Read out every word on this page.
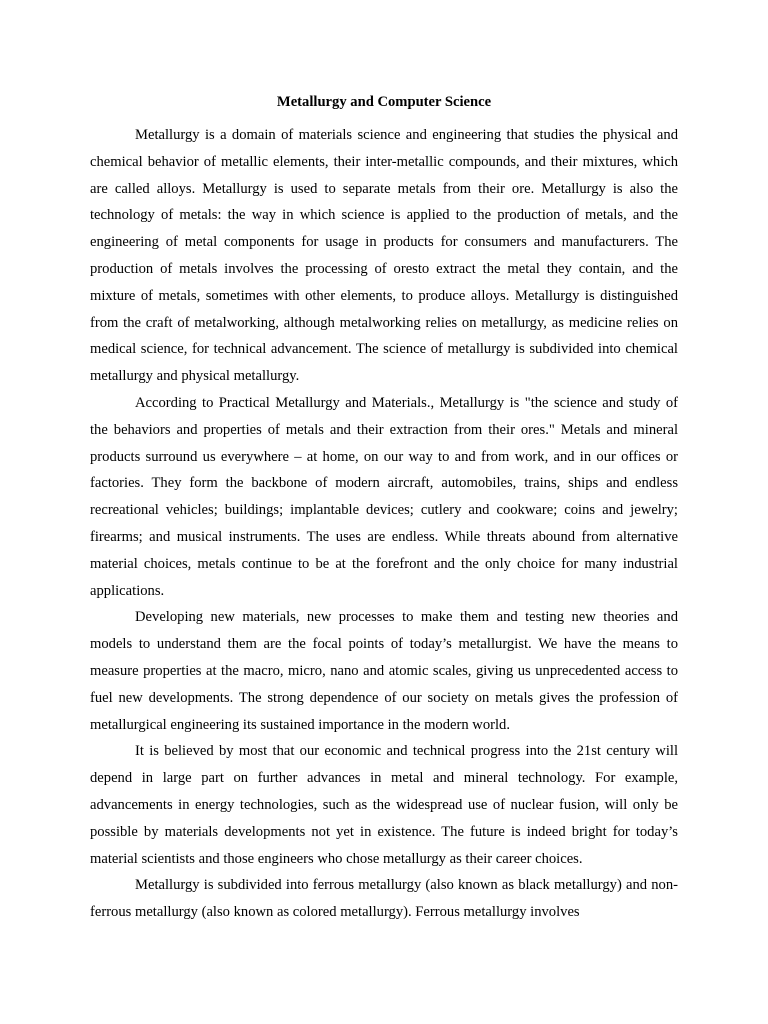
Metallurgy and Computer Science

Metallurgy is a domain of materials science and engineering that studies the physical and chemical behavior of metallic elements, their inter-metallic compounds, and their mixtures, which are called alloys. Metallurgy is used to separate metals from their ore. Metallurgy is also the technology of metals: the way in which science is applied to the production of metals, and the engineering of metal components for usage in products for consumers and manufacturers. The production of metals involves the processing of oresto extract the metal they contain, and the mixture of metals, sometimes with other elements, to produce alloys. Metallurgy is distinguished from the craft of metalworking, although metalworking relies on metallurgy, as medicine relies on medical science, for technical advancement. The science of metallurgy is subdivided into chemical metallurgy and physical metallurgy.

According to Practical Metallurgy and Materials., Metallurgy is "the science and study of the behaviors and properties of metals and their extraction from their ores." Metals and mineral products surround us everywhere – at home, on our way to and from work, and in our offices or factories. They form the backbone of modern aircraft, automobiles, trains, ships and endless recreational vehicles; buildings; implantable devices; cutlery and cookware; coins and jewelry; firearms; and musical instruments. The uses are endless. While threats abound from alternative material choices, metals continue to be at the forefront and the only choice for many industrial applications.

Developing new materials, new processes to make them and testing new theories and models to understand them are the focal points of today’s metallurgist. We have the means to measure properties at the macro, micro, nano and atomic scales, giving us unprecedented access to fuel new developments. The strong dependence of our society on metals gives the profession of metallurgical engineering its sustained importance in the modern world.

It is believed by most that our economic and technical progress into the 21st century will depend in large part on further advances in metal and mineral technology. For example, advancements in energy technologies, such as the widespread use of nuclear fusion, will only be possible by materials developments not yet in existence. The future is indeed bright for today’s material scientists and those engineers who chose metallurgy as their career choices.

Metallurgy is subdivided into ferrous metallurgy (also known as black metallurgy) and non-ferrous metallurgy (also known as colored metallurgy). Ferrous metallurgy involves
